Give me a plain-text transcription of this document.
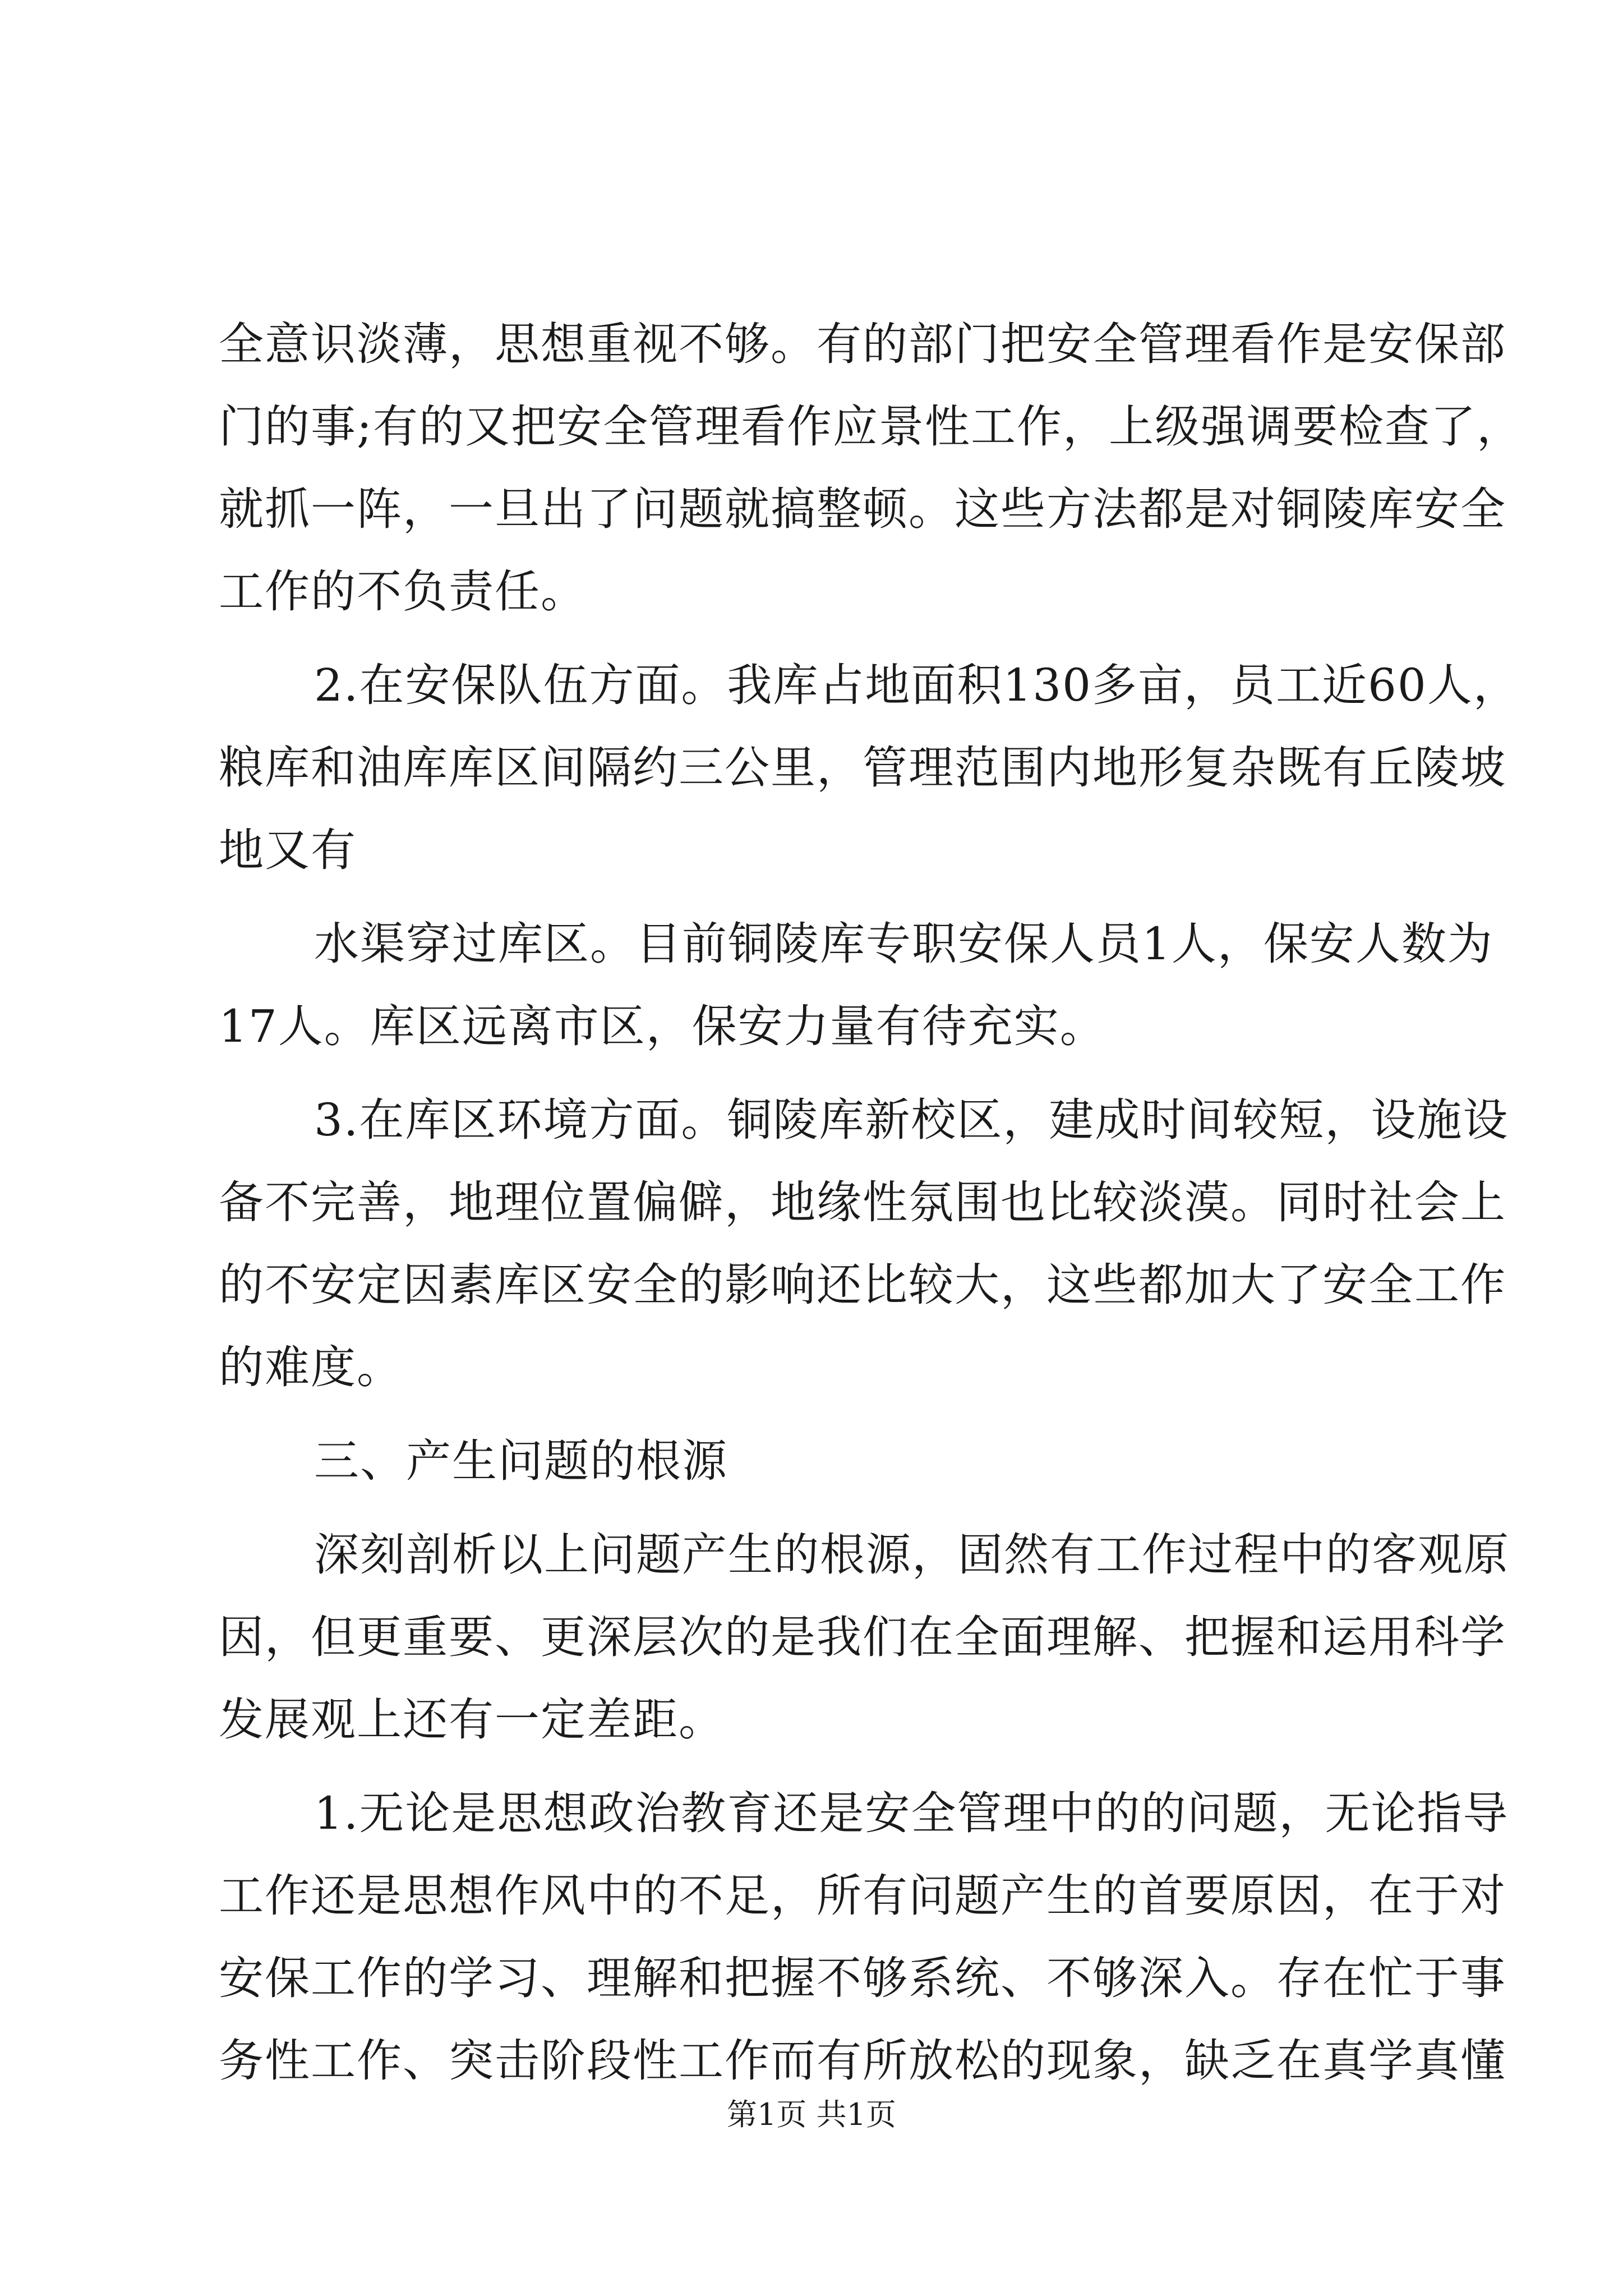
全意识淡薄，思想重视不够。有的部门把安全管理看作是安保部
门的事;有的又把安全管理看作应景性工作，上级强调要检查了，
就抓一阵，一旦出了问题就搞整顿。这些方法都是对铜陵库安全
工作的不负责任。
2.在安保队伍方面。我库占地面积130多亩，员工近60人，
粮库和油库库区间隔约三公里，管理范围内地形复杂既有丘陵坡
地又有
水渠穿过库区。目前铜陵库专职安保人员1人，保安人数为
17人。库区远离市区，保安力量有待充实。
3.在库区环境方面。铜陵库新校区，建成时间较短，设施设
备不完善，地理位置偏僻，地缘性氛围也比较淡漠。同时社会上
的不安定因素库区安全的影响还比较大，这些都加大了安全工作
的难度。
三、产生问题的根源
深刻剖析以上问题产生的根源，固然有工作过程中的客观原
因，但更重要、更深层次的是我们在全面理解、把握和运用科学
发展观上还有一定差距。
1.无论是思想政治教育还是安全管理中的的问题，无论指导
工作还是思想作风中的不足，所有问题产生的首要原因，在于对
安保工作的学习、理解和把握不够系统、不够深入。存在忙于事
务性工作、突击阶段性工作而有所放松的现象，缺乏在真学真懂
第1页 共1页
